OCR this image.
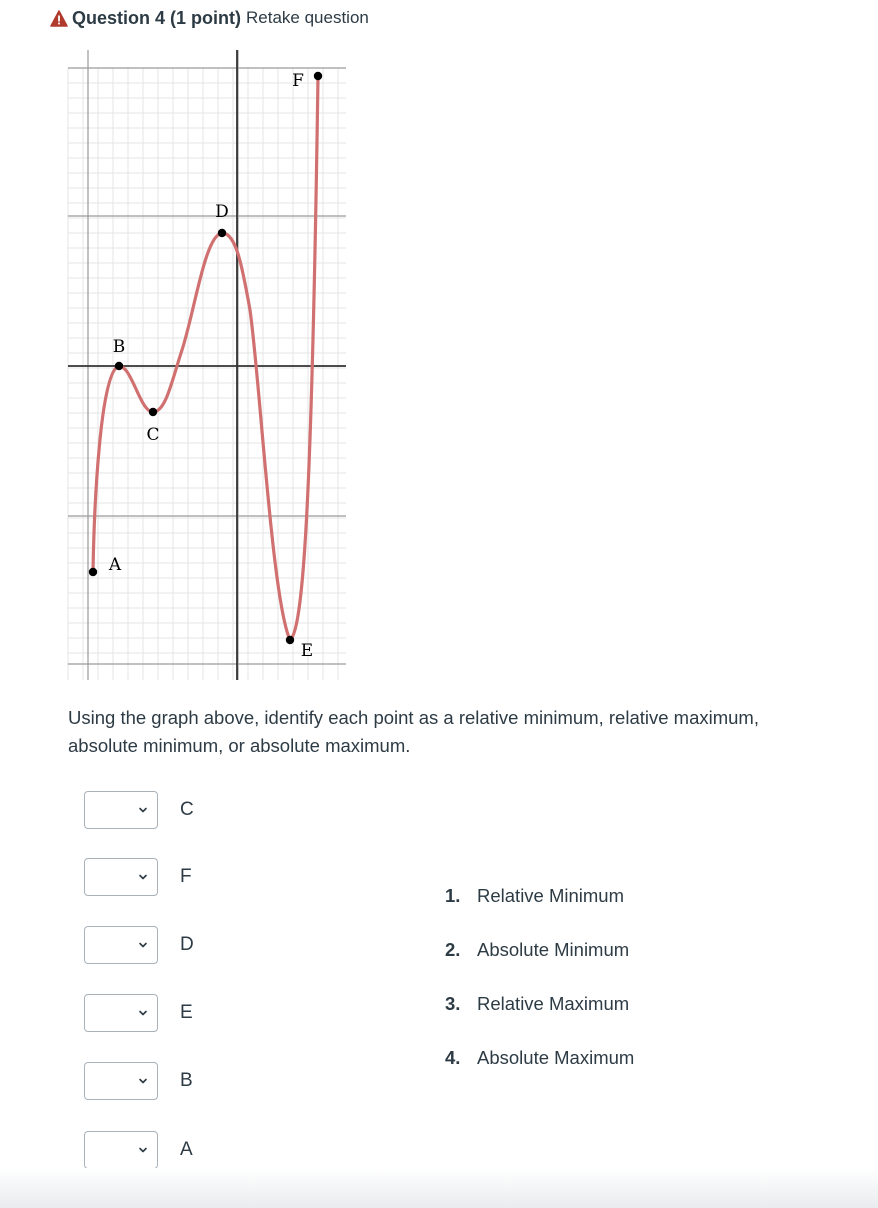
Question 4 (1 point) Retake question
A
B
C
D
E
F
Using the graph above, identify each point as a relative minimum, relative maximum, absolute minimum, or absolute maximum.
C
F
D
E
B
A
1. Relative Minimum
2. Absolute Minimum
3. Relative Maximum
4. Absolute Maximum
